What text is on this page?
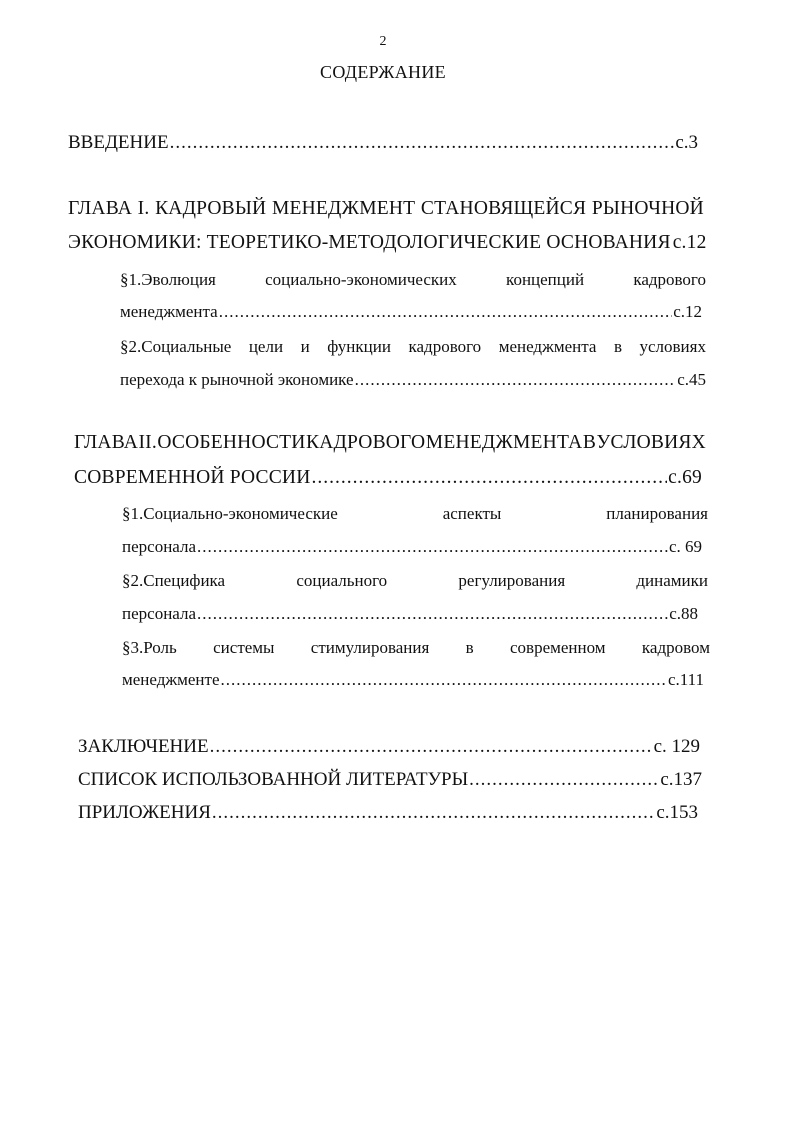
2
СОДЕРЖАНИЕ
ВВЕДЕНИЕ .....	с.3
ГЛАВА I. КАДРОВЫЙ МЕНЕДЖМЕНТ СТАНОВЯЩЕЙСЯ РЫНОЧНОЙ
ЭКОНОМИКИ: ТЕОРЕТИКО-МЕТОДОЛОГИЧЕСКИЕ ОСНОВАНИЯ с.12
§1.Эволюция	социально-экономических	концепций	кадрового
менеджмента .....	с.12
§2.Социальные цели и функции кадрового менеджмента в условиях
перехода к рыночной экономике .....	с.45
ГЛАВА II. ОСОБЕННОСТИ КАДРОВОГО МЕНЕДЖМЕНТА В УСЛОВИЯХ
СОВРЕМЕННОЙ РОССИИ .....	с.69
§1.Социально-экономические	аспекты	планирования
персонала .....	с. 69
§2.Специфика	социального	регулирования	динамики
персонала .....	с.88
§3.Роль системы стимулирования в современном кадровом
менеджменте .....	с.111
ЗАКЛЮЧЕНИЕ .....	с. 129
СПИСОК ИСПОЛЬЗОВАННОЙ ЛИТЕРАТУРЫ .....	с.137
ПРИЛОЖЕНИЯ .....	с.153
